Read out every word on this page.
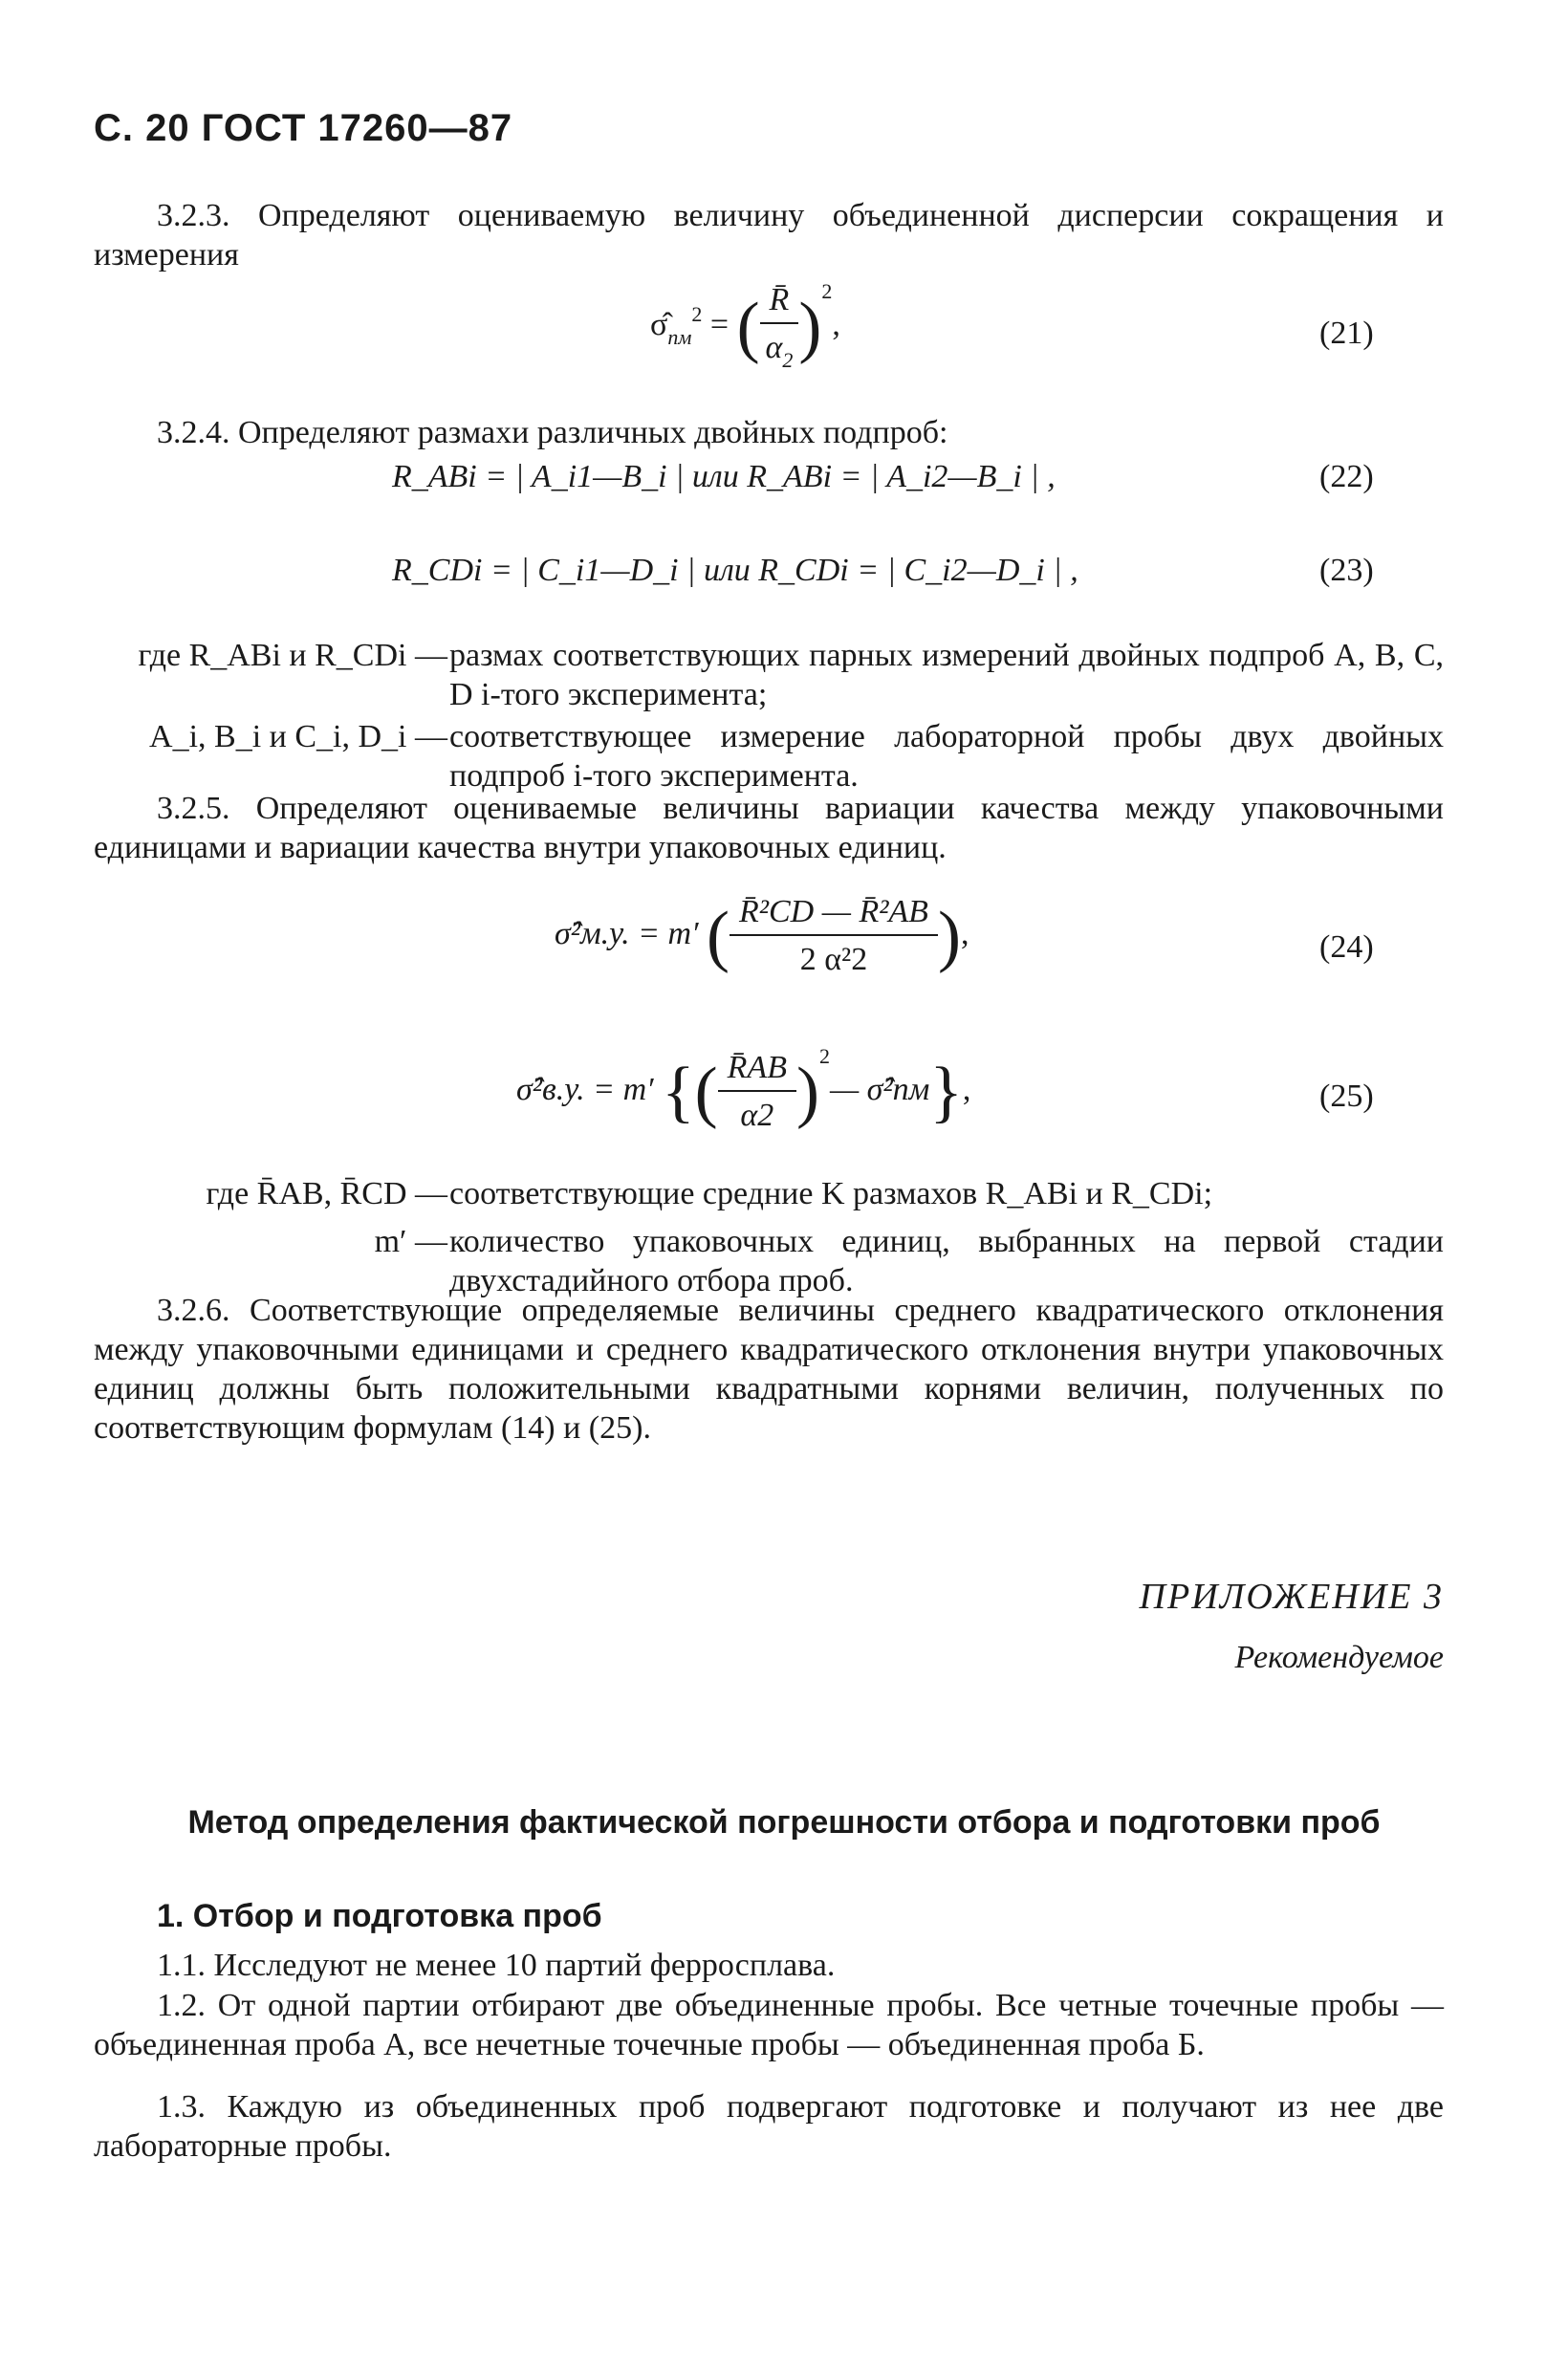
С. 20 ГОСТ 17260—87
3.2.3. Определяют оцениваемую величину объединенной дисперсии сокращения и измерения
$\sigmâ_{пм}^2$ = ( $\frac{R̄}{\alpha_2} )^2$,	(21)
3.2.4. Определяют размахи различных двойных подпроб:
R_ABi = | A_i1—B_i | или R_ABi = | A_i2—B_i | ,	(22)
R_CDi = | C_i1—D_i | или R_CDi = | C_i2—D_i | ,	(23)
где R_ABi и R_CDi — размах соответствующих парных измерений двойных подпроб A, B, C, D i-того эксперимента;
A_i, B_i и C_i, D_i — соответствующее измерение лабораторной пробы двух двойных подпроб i-того эксперимента.
3.2.5. Определяют оцениваемые величины вариации качества между упаковочными единицами и вариации качества внутри упаковочных единиц.
σ̂²м.у. = m′ ( $\frac{\text{R̄²CD — R̄²AB}}{\text{2 α²2}}$ ),	(24)
σ̂²в.у. = m′ {( $\frac{R̄AB}{\alpha 2}$ )$^2$— σ̂²пм},	(25)
где R̄AB, R̄CD — соответствующие средние K размахов R_ABi и R_CDi;
m′ — количество упаковочных единиц, выбранных на первой стадии двухстадийного отбора проб.
3.2.6. Соответствующие определяемые величины среднего квадратического отклонения между упаковочными единицами и среднего квадратического отклонения внутри упаковочных единиц должны быть положительными квадратными корнями величин, полученных по соответствующим формулам (14) и (25).
ПРИЛОЖЕНИЕ 3
Рекомендуемое
Метод определения фактической погрешности отбора и подготовки проб
1. Отбор и подготовка проб
1.1. Исследуют не менее 10 партий ферросплава.
1.2. От одной партии отбирают две объединенные пробы. Все четные точечные пробы — объединенная проба А, все нечетные точечные пробы — объединенная проба Б.
1.3. Каждую из объединенных проб подвергают подготовке и получают из нее две лабораторные пробы.
